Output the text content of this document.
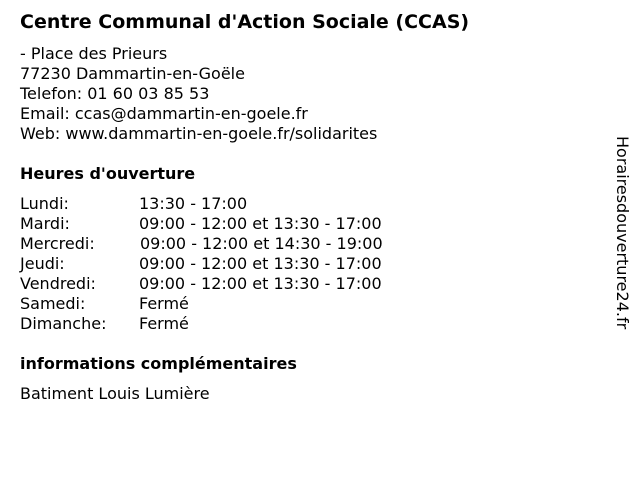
Centre Communal d'Action Sociale (CCAS)
- Place des Prieurs
77230 Dammartin-en-Goële
Telefon: 01 60 03 85 53
Email: ccas@dammartin-en-goele.fr
Web: www.dammartin-en-goele.fr/solidarites
Heures d'ouverture
Lundi:	13:30 - 17:00
Mardi:	09:00 - 12:00 et 13:30 - 17:00
Mercredi:	09:00 - 12:00 et 14:30 - 19:00
Jeudi:	09:00 - 12:00 et 13:30 - 17:00
Vendredi:	09:00 - 12:00 et 13:30 - 17:00
Samedi:	Fermé
Dimanche: Fermé
informations complémentaires
Batiment Louis Lumière
Horairesdouverture24.fr
